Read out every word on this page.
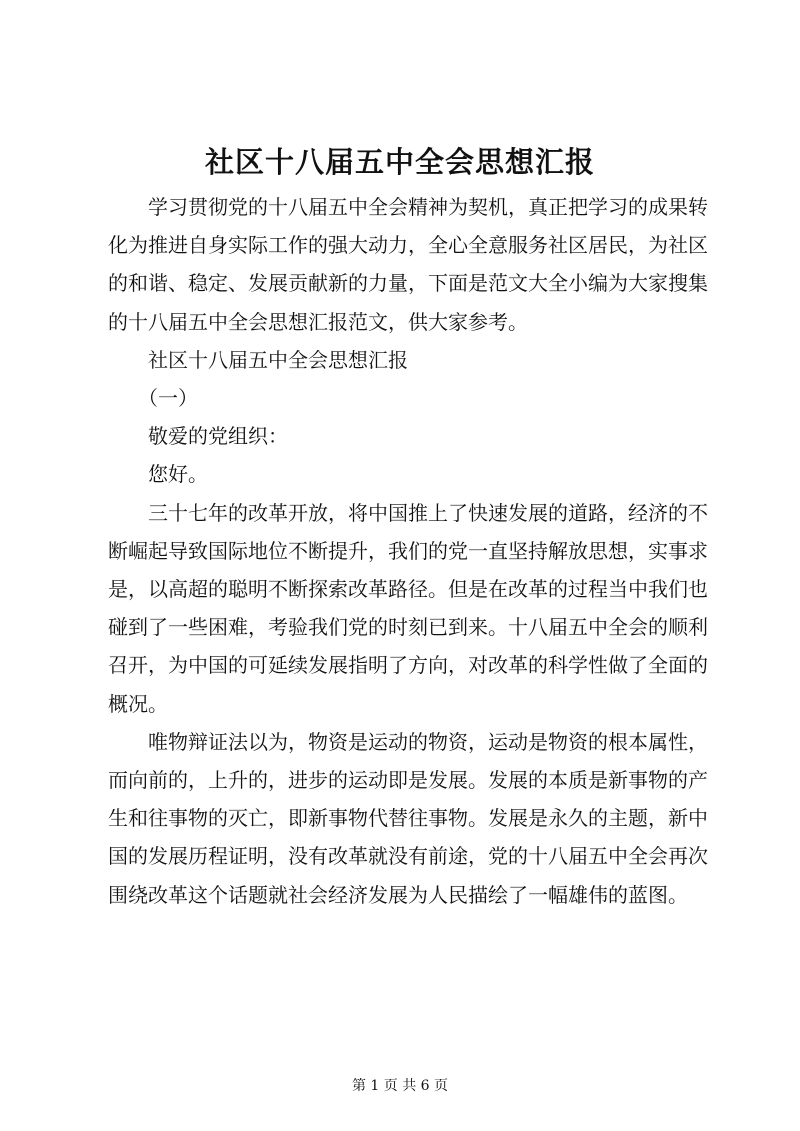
社区十八届五中全会思想汇报

学习贯彻党的十八届五中全会精神为契机，真正把学习的成果转化为推进自身实际工作的强大动力，全心全意服务社区居民，为社区的和谐、稳定、发展贡献新的力量，下面是范文大全小编为大家搜集的十八届五中全会思想汇报范文，供大家参考。

社区十八届五中全会思想汇报

（一）

敬爱的党组织：

您好。

三十七年的改革开放，将中国推上了快速发展的道路，经济的不断崛起导致国际地位不断提升，我们的党一直坚持解放思想，实事求是，以高超的聪明不断探索改革路径。但是在改革的过程当中我们也碰到了一些困难，考验我们党的时刻已到来。十八届五中全会的顺利召开，为中国的可延续发展指明了方向，对改革的科学性做了全面的概况。

唯物辩证法以为，物资是运动的物资，运动是物资的根本属性，而向前的，上升的，进步的运动即是发展。发展的本质是新事物的产生和往事物的灭亡，即新事物代替往事物。发展是永久的主题，新中国的发展历程证明，没有改革就没有前途，党的十八届五中全会再次围绕改革这个话题就社会经济发展为人民描绘了一幅雄伟的蓝图。

第 1 页 共 6 页
